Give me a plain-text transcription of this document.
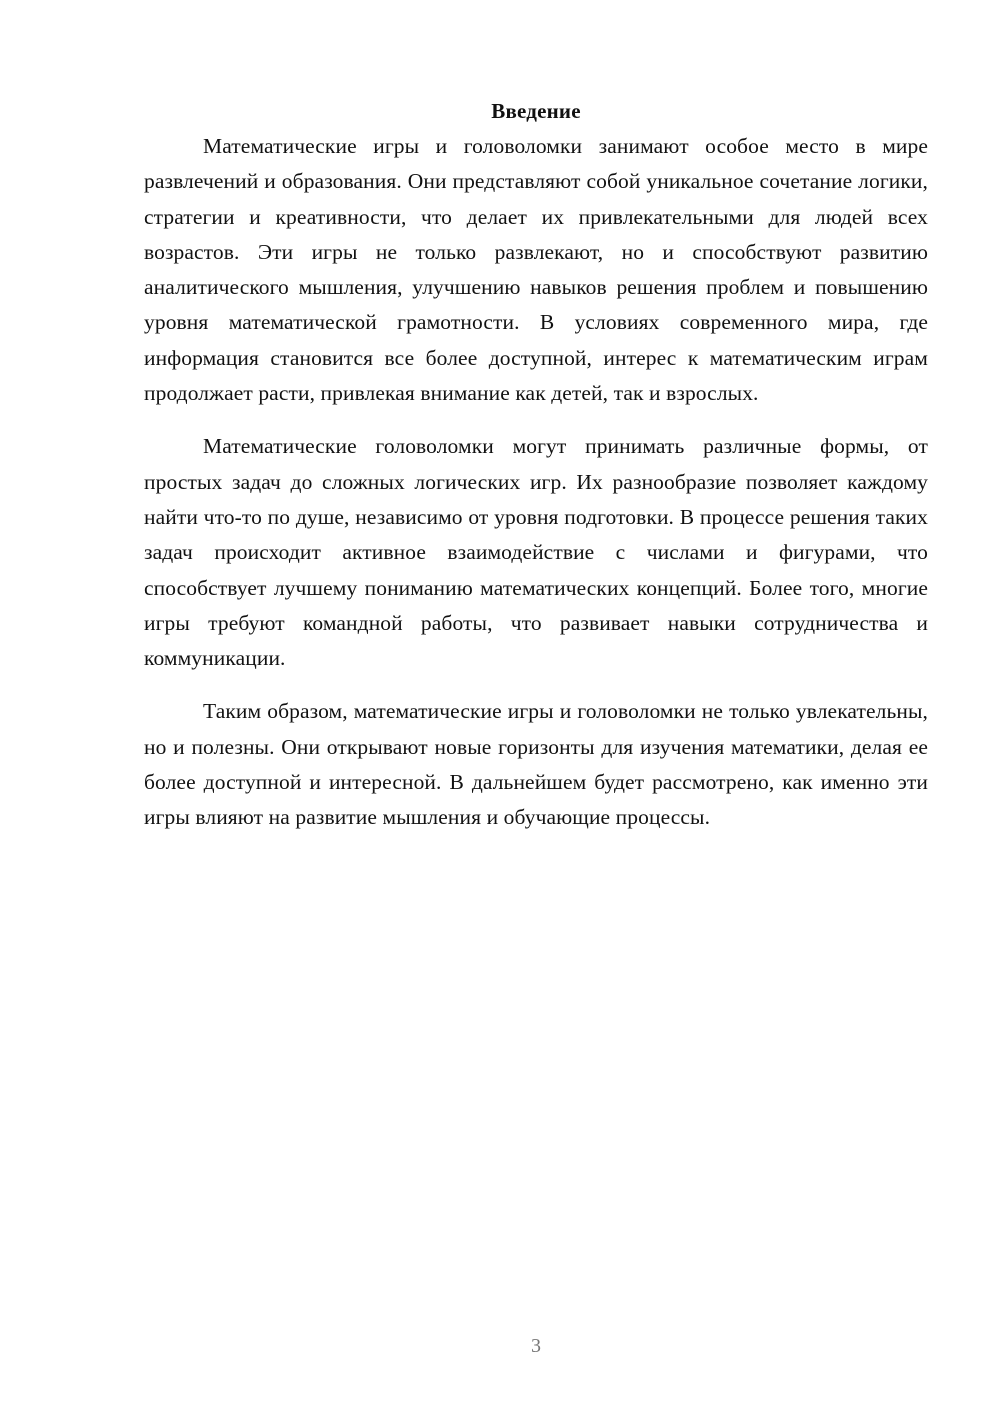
Введение

Математические игры и головоломки занимают особое место в мире развлечений и образования. Они представляют собой уникальное сочетание логики, стратегии и креативности, что делает их привлекательными для людей всех возрастов. Эти игры не только развлекают, но и способствуют развитию аналитического мышления, улучшению навыков решения проблем и повышению уровня математической грамотности. В условиях современного мира, где информация становится все более доступной, интерес к математическим играм продолжает расти, привлекая внимание как детей, так и взрослых.

Математические головоломки могут принимать различные формы, от простых задач до сложных логических игр. Их разнообразие позволяет каждому найти что-то по душе, независимо от уровня подготовки. В процессе решения таких задач происходит активное взаимодействие с числами и фигурами, что способствует лучшему пониманию математических концепций. Более того, многие игры требуют командной работы, что развивает навыки сотрудничества и коммуникации.

Таким образом, математические игры и головоломки не только увлекательны, но и полезны. Они открывают новые горизонты для изучения математики, делая ее более доступной и интересной. В дальнейшем будет рассмотрено, как именно эти игры влияют на развитие мышления и обучающие процессы.

3
